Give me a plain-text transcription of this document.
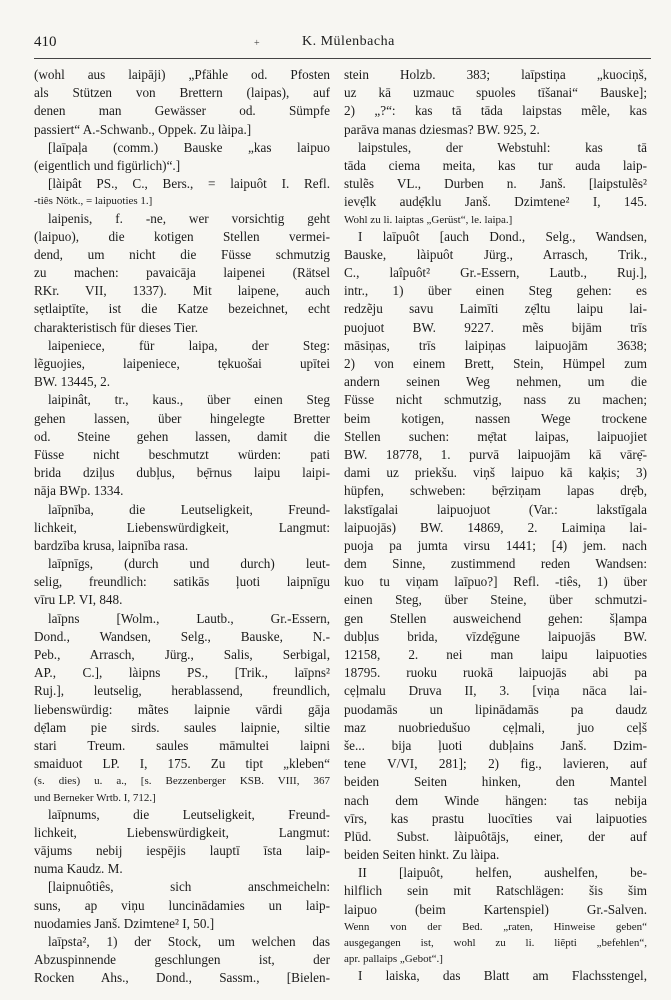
410	+	K. Mülenbacha
(wohl aus laipāji) „Pfähle od. Pfosten
als Stützen von Brettern (laipas), auf
denen man Gewässer od. Sümpfe
passiert“ A.-Schwanb., Oppek. Zu làipa.]
[laīpaļa (comm.) Bauske „kas laipuo
(eigentlich und figürlich)“.]
[làipât PS., C., Bers., = laipuôt I. Refl.
-tiês Nötk., = laipuoties 1.]
laipenis, f. -ne, wer vorsichtig geht
(laipuo), die kotigen Stellen vermei-
dend, um nicht die Füsse schmutzig
zu machen: pavaicāja laipenei (Rätsel
RKr. VII, 1337). Mit laipene, auch
sẹtlaiptīte, ist die Katze bezeichnet, echt
charakteristisch für dieses Tier.
laipeniece, für laipa, der Steg:
lẽguojies, laipeniece, tẹkuošai upītei
BW. 13445, 2.
laipinât, tr., kaus., über einen Steg
gehen lassen, über hingelegte Bretter
od. Steine gehen lassen, damit die
Füsse nicht beschmutzt würden: pati
brida dziļus dubļus, bẹ̄rnus laipu laipi-
nāja BWp. 1334.
laīpnība, die Leutseligkeit, Freund-
lichkeit, Liebenswürdigkeit, Langmut:
bardzība krusa, laipnība rasa.
laīpnīgs, (durch und durch) leut-
selig, freundlich: satikās ļuoti laipnīgu
vīru LP. VI, 848.
laīpns [Wolm., Lautb., Gr.-Essern,
Dond., Wandsen, Selg., Bauske, N.-
Peb., Arrasch, Jürg., Salis, Serbigal,
AP., C.], làipns PS., [Trik., laīpns²
Ruj.], leutselig, herablassend, freundlich,
liebenswürdig: mãtes laipnie vārdi gāja
dẹ̄lam pie sirds. saules laipnie, siltie
stari Treum. saules māmultei laipni
smaiduot LP. I, 175. Zu tipt „kleben“
(s. dies) u. a., [s. Bezzenberger KSB. VIII, 367
und Berneker Wrtb. I, 712.]
laīpnums, die Leutseligkeit, Freund-
lichkeit, Liebenswürdigkeit, Langmut:
vājums nebij iespējis lauptī īsta laip-
numa Kaudz. M.
[laipnuôtiês, sich anschmeicheln:
suns, ap viņu luncinādamies un laip-
nuodamies Janš. Dzimtene² I, 50.]
laīpsta², 1) der Stock, um welchen das
Abzuspinnende geschlungen ist, der
Rocken Ahs., Dond., Sassm., [Bielen-
stein Holzb. 383; laīpstiņa „kuociņš,
uz kā uzmauc spuoles tīšanai“ Bauske];
2) „?“: kas tā tāda laipstas mẽle, kas
parāva manas dziesmas? BW. 925, 2.
laipstules, der Webstuhl: kas tā
tāda ciema meita, kas tur auda laip-
stulẽs VL., Durben n. Janš. [laipstulẽs²
ievẹ̄lk audẹ̄klu Janš. Dzimtene² I, 145.
Wohl zu li. laiptas „Gerüst“, le. laipa.]
I laīpuôt [auch Dond., Selg., Wandsen,
Bauske, làipuôt Jürg., Arrasch, Trik.,
C., laîpuôt² Gr.-Essern, Lautb., Ruj.],
intr., 1) über einen Steg gehen: es
redzẽju savu Laimīti zẹ̄ltu laipu lai-
puojuot BW. 9227. mẽs bijām trīs
māsiņas, trīs laipiņas laipuojām 3638;
2) von einem Brett, Stein, Hümpel zum
andern seinen Weg nehmen, um die
Füsse nicht schmutzig, nass zu machen;
beim kotigen, nassen Wege trockene
Stellen suchen: mẹ̄tat laipas, laipuojiet
BW. 18778, 1. purvā laipuojām kā vārẹ̄-
dami uz priekšu. viņš laipuo kā kaķis; 3)
hüpfen, schweben: bẹ̄rziņam lapas drẹ̄b,
lakstīgalai laipuojuot (Var.: lakstīgala
laipuojās) BW. 14869, 2. Laimiņa lai-
puoja pa jumta virsu 1441; [4) jem. nach
dem Sinne, zustimmend reden Wandsen:
kuo tu viņam laīpuo?] Refl. -tiês, 1) über
einen Steg, über Steine, über schmutzi-
gen Stellen ausweichend gehen: šļampa
dubļus brida, vīzdẹ̄gune laipuojās BW.
12158, 2. nei man laipu laipuoties
18795. ruoku ruokā laipuojās abi pa
cẹļmalu Druva II, 3. [viņa nāca lai-
puodamās un lipinādamās pa daudz
maz nuobriedušuo cẹļmali, juo ceļš
še... bija ļuoti dubļains Janš. Dzim-
tene V/VI, 281]; 2) fig., lavieren, auf
beiden Seiten hinken, den Mantel
nach dem Winde hängen: tas nebija
vīrs, kas prastu luocīties vai laipuoties
Plūd. Subst. làipuôtājs, einer, der auf
beiden Seiten hinkt. Zu làipa.
II [laipuôt, helfen, aushelfen, be-
hilflich sein mit Ratschlägen: šis šim
laipuo (beim Kartenspiel) Gr.-Salven.
Wenn von der Bed. „raten, Hinweise geben“
ausgegangen ist, wohl zu li. liẽpti „befehlen“,
apr. pallaips „Gebot“.]
I laiska, das Blatt am Flachsstengel,
